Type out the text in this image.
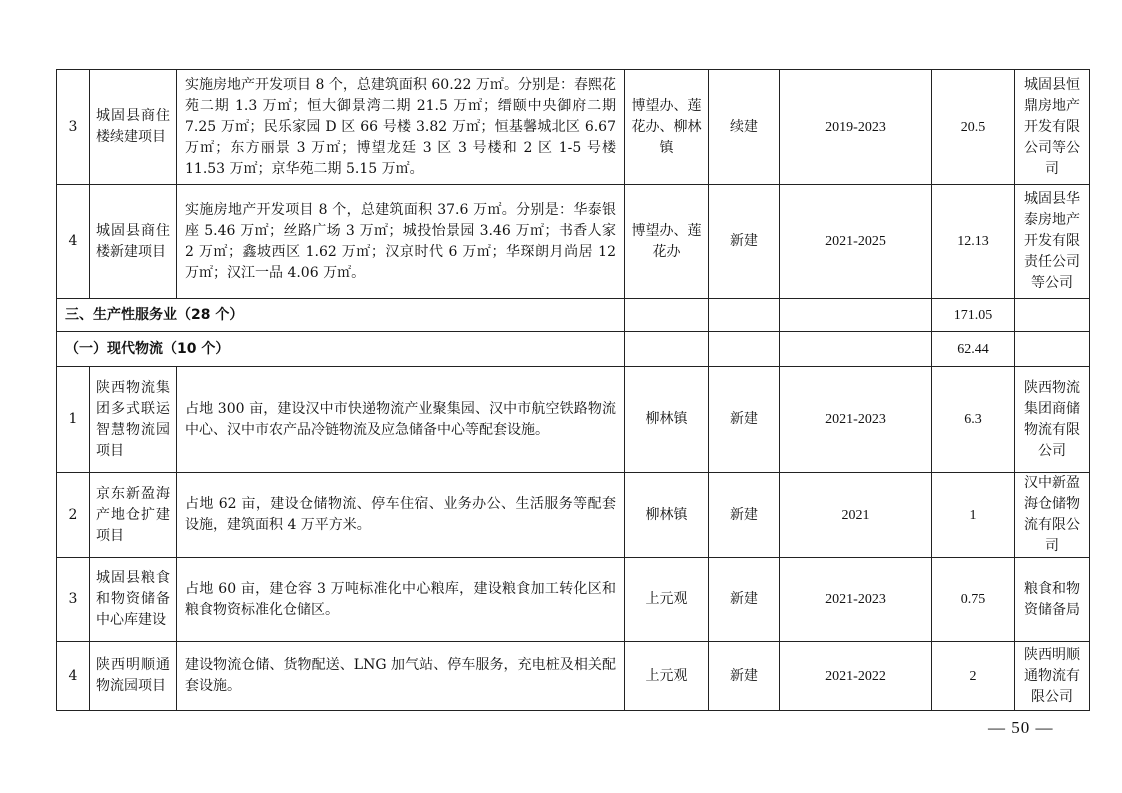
3	城固县商住楼续建项目	实施房地产开发项目 8 个，总建筑面积 60.22 万㎡。分别是：春熙花苑二期 1.3 万㎡；恒大御景湾二期 21.5 万㎡；缙颐中央御府二期 7.25 万㎡；民乐家园 D 区 66 号楼 3.82 万㎡；恒基馨城北区 6.67 万㎡；东方丽景 3 万㎡；博望龙廷 3 区 3 号楼和 2 区 1-5 号楼 11.53 万㎡；京华苑二期 5.15 万㎡。	博望办、莲花办、柳林镇	续建	2019-2023	20.5	城固县恒鼎房地产开发有限公司等公司
4	城固县商住楼新建项目	实施房地产开发项目 8 个，总建筑面积 37.6 万㎡。分别是：华泰银座 5.46 万㎡；丝路广场 3 万㎡；城投怡景园 3.46 万㎡；书香人家 2 万㎡；鑫坡西区 1.62 万㎡；汉京时代 6 万㎡；华琛朗月尚居 12 万㎡；汉江一品 4.06 万㎡。	博望办、莲花办	新建	2021-2025	12.13	城固县华泰房地产开发有限责任公司等公司
三、生产性服务业（28 个）						171.05	
（一）现代物流（10 个）						62.44	
1	陕西物流集团多式联运智慧物流园项目	占地 300 亩，建设汉中市快递物流产业聚集园、汉中市航空铁路物流中心、汉中市农产品冷链物流及应急储备中心等配套设施。	柳林镇	新建	2021-2023	6.3	陕西物流集团商储物流有限公司
2	京东新盈海产地仓扩建项目	占地 62 亩，建设仓储物流、停车住宿、业务办公、生活服务等配套设施，建筑面积 4 万平方米。	柳林镇	新建	2021	1	汉中新盈海仓储物流有限公司
3	城固县粮食和物资储备中心库建设	占地 60 亩，建仓容 3 万吨标准化中心粮库，建设粮食加工转化区和粮食物资标准化仓储区。	上元观	新建	2021-2023	0.75	粮食和物资储备局
4	陕西明顺通物流园项目	建设物流仓储、货物配送、LNG 加气站、停车服务，充电桩及相关配套设施。	上元观	新建	2021-2022	2	陕西明顺通物流有限公司
— 50 —
